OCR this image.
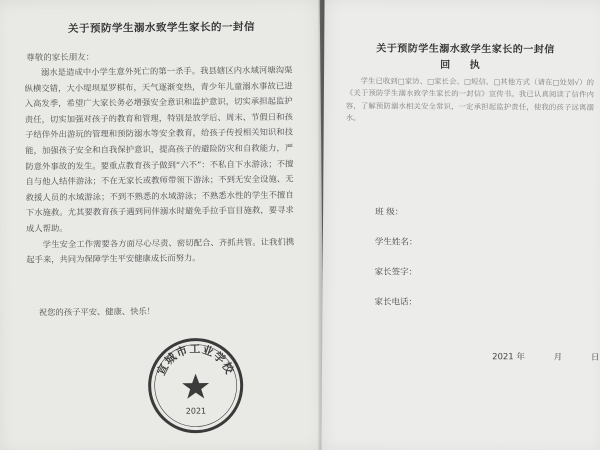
关于预防学生溺水致学生家长的一封信
尊敬的家长朋友：

溺水是造成中小学生意外死亡的第一杀手。我县辖区内水域河塘沟渠纵横交错，大小堤坝星罗棋布，天气逐渐变热，青少年儿童溺水事故已进入高发季，希望广大家长务必增强安全意识和监护意识，切实承担起监护责任，切实加强对孩子的教育和管理，特别是放学后、周末、节假日和孩子结伴外出游玩的管理和预防溺水等安全教育，给孩子传授相关知识和技能，加强孩子安全和自我保护意识，提高孩子的避险防灾和自救能力，严防意外事故的发生。要重点教育孩子做到“六不”：不私自下水游泳；不擅自与他人结伴游泳；不在无家长或教师带领下游泳；不到无安全设施、无救援人员的水域游泳；不到不熟悉的水域游泳；不熟悉水性的学生不擅自下水施救。尤其要教育孩子遇到同伴溺水时避免手拉手盲目施救，要寻求成人帮助。

学生安全工作需要各方面尽心尽责、密切配合、齐抓共管。让我们携起手来，共同为保障学生平安健康成长而努力。

祝您的孩子平安、健康、快乐！
宣城市工业学校
2021
关于预防学生溺水致学生家长的一封信
回 执
学生已收到□家访、□家长会、□短信、□其他方式（请在□处划√）的《关于预防学生溺水致学生家长的一封信》宣传书。我已认真阅读了信件内容，了解预防溺水相关安全常识，一定承担起监护责任，使我的孩子远离溺水。
班 级：
学生姓名：
家长签字：
家长电话：
2021 年	月	日
